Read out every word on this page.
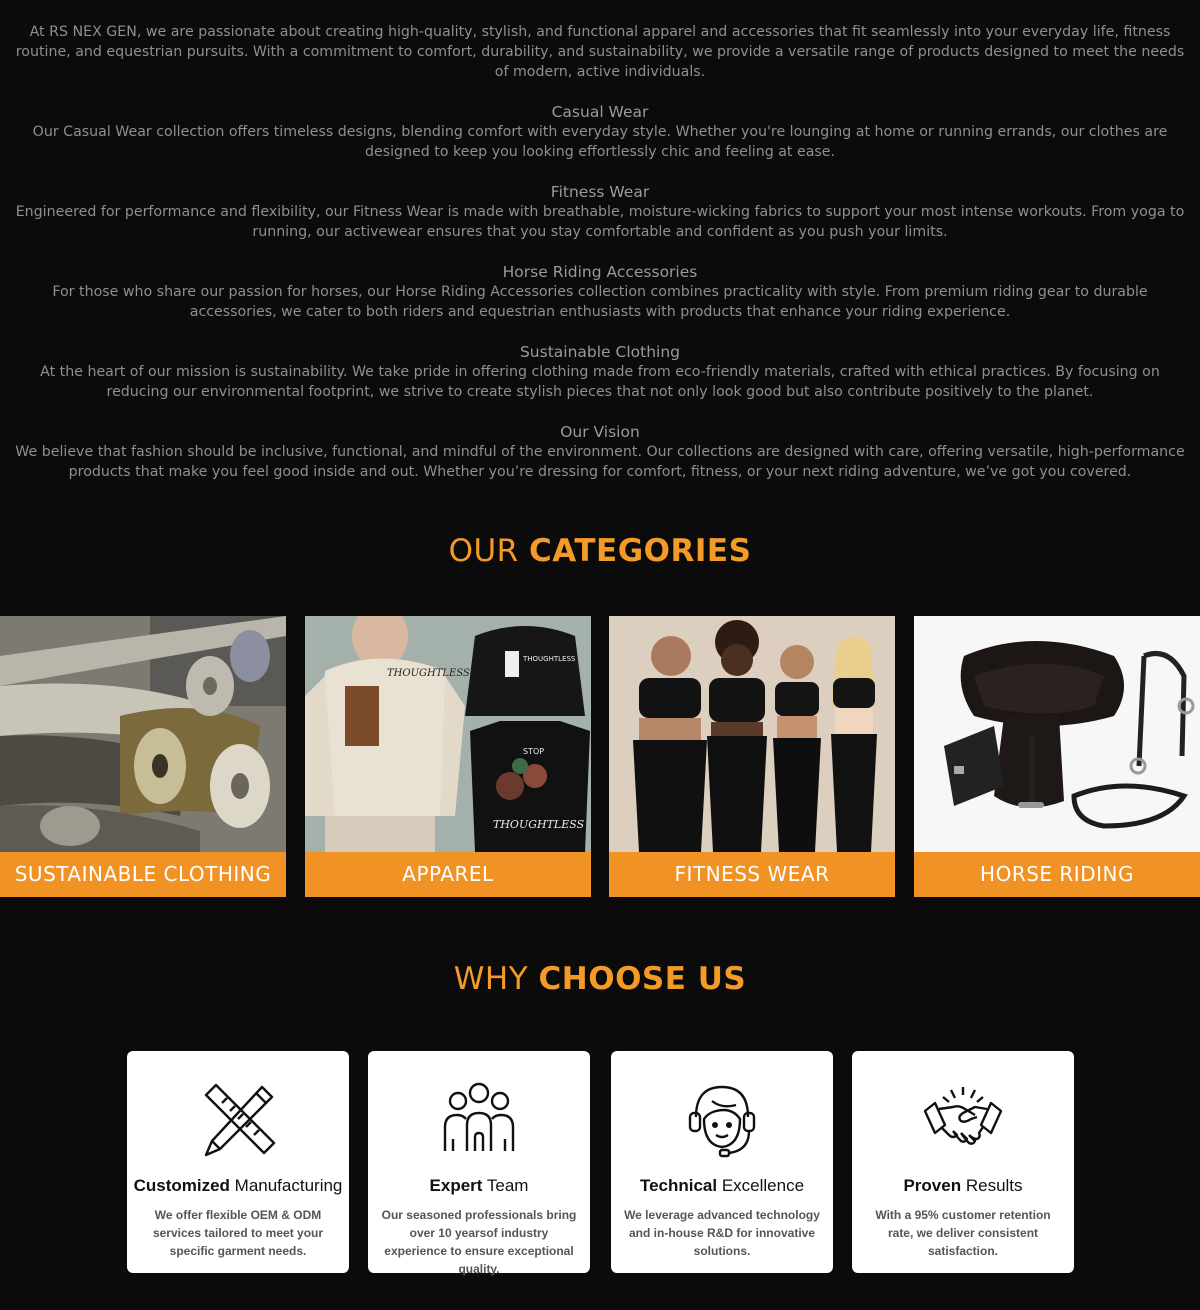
At RS NEX GEN, we are passionate about creating high-quality, stylish, and functional apparel and accessories that fit seamlessly into your everyday life, fitness routine, and equestrian pursuits. With a commitment to comfort, durability, and sustainability, we provide a versatile range of products designed to meet the needs of modern, active individuals.

Casual Wear

Our Casual Wear collection offers timeless designs, blending comfort with everyday style. Whether you're lounging at home or running errands, our clothes are designed to keep you looking effortlessly chic and feeling at ease.

Fitness Wear

Engineered for performance and flexibility, our Fitness Wear is made with breathable, moisture-wicking fabrics to support your most intense workouts. From yoga to running, our activewear ensures that you stay comfortable and confident as you push your limits.

Horse Riding Accessories

For those who share our passion for horses, our Horse Riding Accessories collection combines practicality with style. From premium riding gear to durable accessories, we cater to both riders and equestrian enthusiasts with products that enhance your riding experience.

Sustainable Clothing

At the heart of our mission is sustainability. We take pride in offering clothing made from eco-friendly materials, crafted with ethical practices. By focusing on reducing our environmental footprint, we strive to create stylish pieces that not only look good but also contribute positively to the planet.

Our Vision

We believe that fashion should be inclusive, functional, and mindful of the environment. Our collections are designed with care, offering versatile, high-performance products that make you feel good inside and out. Whether you’re dressing for comfort, fitness, or your next riding adventure, we’ve got you covered.

OUR CATEGORIES
SUSTAINABLE CLOTHING
THOUGHTLESS
THOUGHTLESS
STOP
THOUGHTLESS
APPAREL	FITNESS WEAR	HORSE RIDING
WHY CHOOSE US
Customized Manufacturing

We offer flexible OEM & ODM services tailored to meet your specific garment needs.

Expert Team

Our seasoned professionals bring over 10 yearsof industry experience to ensure exceptional quality.

Technical Excellence

We leverage advanced technology and in-house R&D for innovative solutions.

Proven Results

With a 95% customer retention rate, we deliver consistent satisfaction.
